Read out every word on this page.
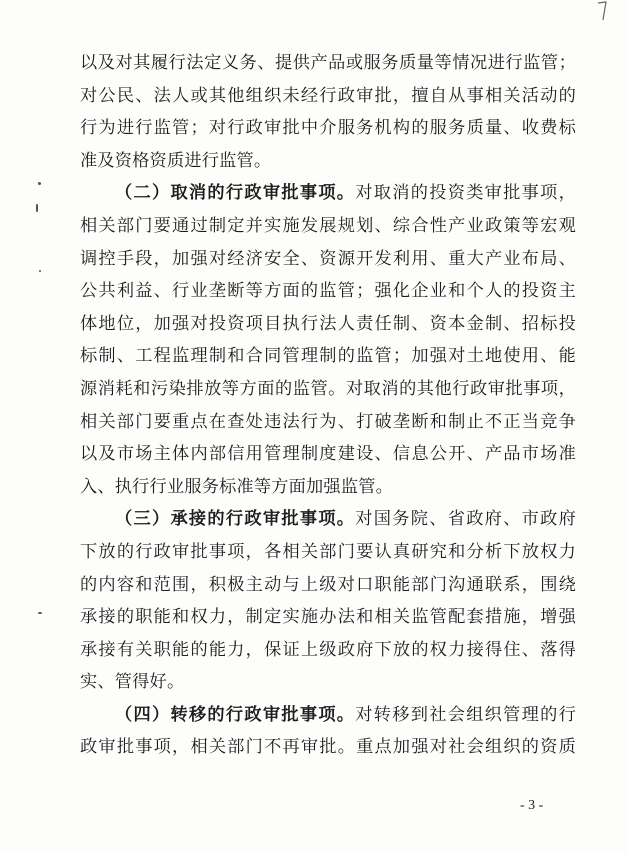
以及对其履行法定义务、提供产品或服务质量等情况进行监管；
对公民、法人或其他组织未经行政审批，擅自从事相关活动的
行为进行监管；对行政审批中介服务机构的服务质量、收费标
准及资格资质进行监管。
（二）取消的行政审批事项。对取消的投资类审批事项，
相关部门要通过制定并实施发展规划、综合性产业政策等宏观
调控手段，加强对经济安全、资源开发利用、重大产业布局、
公共利益、行业垄断等方面的监管；强化企业和个人的投资主
体地位，加强对投资项目执行法人责任制、资本金制、招标投
标制、工程监理制和合同管理制的监管；加强对土地使用、能
源消耗和污染排放等方面的监管。对取消的其他行政审批事项，
相关部门要重点在查处违法行为、打破垄断和制止不正当竞争
以及市场主体内部信用管理制度建设、信息公开、产品市场准
入、执行行业服务标准等方面加强监管。
（三）承接的行政审批事项。对国务院、省政府、市政府
下放的行政审批事项，各相关部门要认真研究和分析下放权力
的内容和范围，积极主动与上级对口职能部门沟通联系，围绕
承接的职能和权力，制定实施办法和相关监管配套措施，增强
承接有关职能的能力，保证上级政府下放的权力接得住、落得
实、管得好。
（四）转移的行政审批事项。对转移到社会组织管理的行
政审批事项，相关部门不再审批。重点加强对社会组织的资质
- 3 -
